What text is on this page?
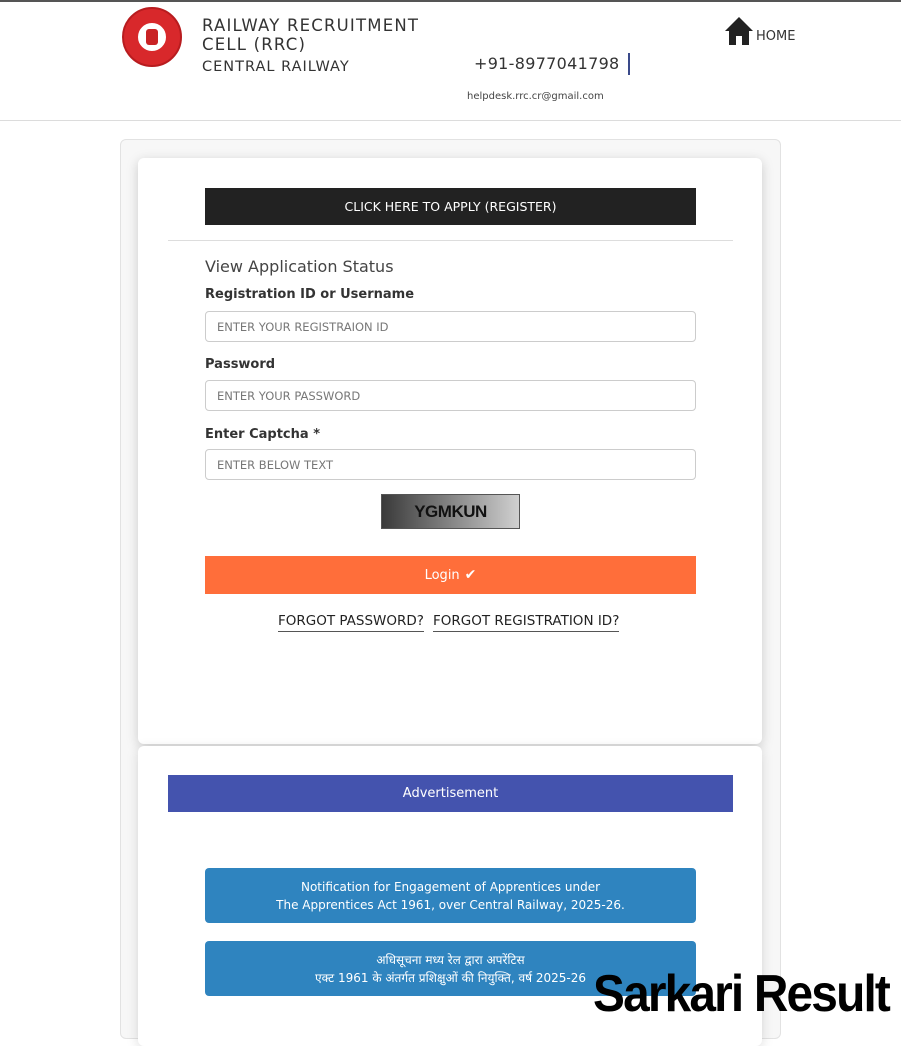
RAILWAY RECRUITMENT CELL (RRC)
CENTRAL RAILWAY	+91-8977041798
helpdesk.rrc.cr@gmail.com
HOME
CLICK HERE TO APPLY (REGISTER)
View Application Status
Registration ID or Username
ENTER YOUR REGISTRAION ID
Password
Enter Captcha *
ENTER BELOW TEXT
YGMKUN
Login ✔
FORGOT PASSWORD? FORGOT REGISTRATION ID?
Advertisement
Notification for Engagement of Apprentices under
The Apprentices Act 1961, over Central Railway, 2025-26.
अधिसूचना मध्य रेल द्वारा अपरेंटिस
एक्ट 1961 के अंतर्गत प्रशिक्षुओं की नियुक्ति, वर्ष 2025-26 Sarkari Result
